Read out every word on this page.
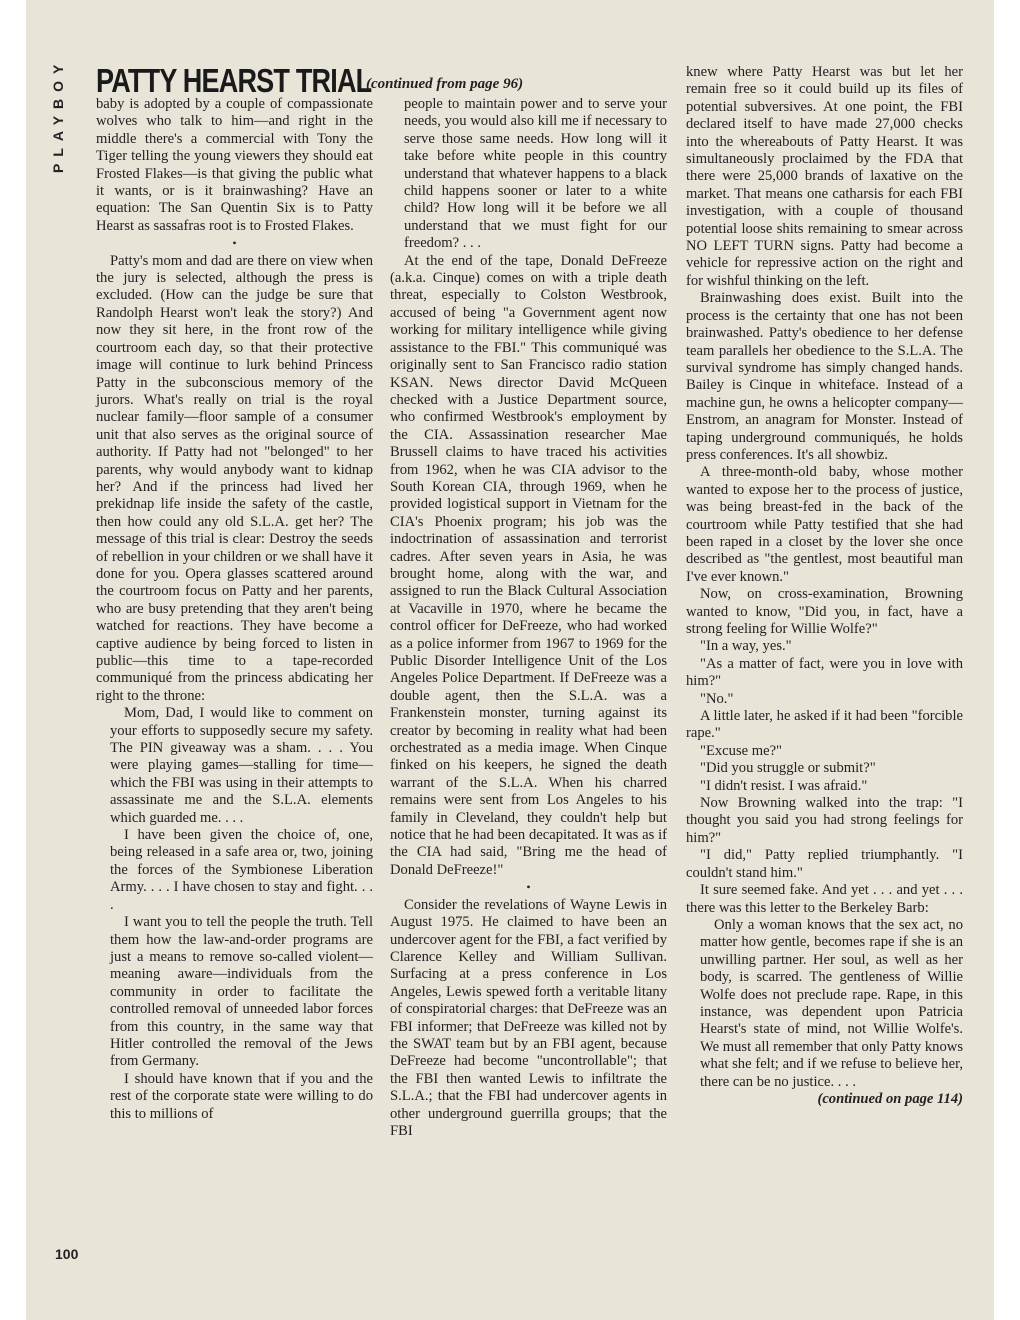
PLAYBOY PATTY HEARST TRIAL
(continued from page 96)

baby is adopted by a couple of compassionate wolves who talk to him—and right in the middle there's a commercial with Tony the Tiger telling the young viewers they should eat Frosted Flakes—is that giving the public what it wants, or is it brainwashing? Have an equation: The San Quentin Six is to Patty Hearst as sassafras root is to Frosted Flakes.

•

Patty's mom and dad are there on view when the jury is selected, although the press is excluded. (How can the judge be sure that Randolph Hearst won't leak the story?) And now they sit here, in the front row of the courtroom each day, so that their protective image will continue to lurk behind Princess Patty in the subconscious memory of the jurors. What's really on trial is the royal nuclear family—floor sample of a consumer unit that also serves as the original source of authority. If Patty had not "belonged" to her parents, why would anybody want to kidnap her? And if the princess had lived her prekidnap life inside the safety of the castle, then how could any old S.L.A. get her? The message of this trial is clear: Destroy the seeds of rebellion in your children or we shall have it done for you. Opera glasses scattered around the courtroom focus on Patty and her parents, who are busy pretending that they aren't being watched for reactions. They have become a captive audience by being forced to listen in public—this time to a tape-recorded communiqué from the princess abdicating her right to the throne:

Mom, Dad, I would like to comment on your efforts to supposedly secure my safety. The PIN giveaway was a sham. . . . You were playing games—stalling for time—which the FBI was using in their attempts to assassinate me and the S.L.A. elements which guarded me. . . .

I have been given the choice of, one, being released in a safe area or, two, joining the forces of the Symbionese Liberation Army. . . . I have chosen to stay and fight. . . .

I want you to tell the people the truth. Tell them how the law-and-order programs are just a means to remove so-called violent—meaning aware—individuals from the community in order to facilitate the controlled removal of unneeded labor forces from this country, in the same way that Hitler controlled the removal of the Jews from Germany.

I should have known that if you and the rest of the corporate state were willing to do this to millions of

people to maintain power and to serve your needs, you would also kill me if necessary to serve those same needs. How long will it take before white people in this country understand that whatever happens to a black child happens sooner or later to a white child? How long will it be before we all understand that we must fight for our freedom? . . .

At the end of the tape, Donald DeFreeze (a.k.a. Cinque) comes on with a triple death threat, especially to Colston Westbrook, accused of being "a Government agent now working for military intelligence while giving assistance to the FBI." This communiqué was originally sent to San Francisco radio station KSAN. News director David McQueen checked with a Justice Department source, who confirmed Westbrook's employment by the CIA. Assassination researcher Mae Brussell claims to have traced his activities from 1962, when he was CIA advisor to the South Korean CIA, through 1969, when he provided logistical support in Vietnam for the CIA's Phoenix program; his job was the indoctrination of assassination and terrorist cadres. After seven years in Asia, he was brought home, along with the war, and assigned to run the Black Cultural Association at Vacaville in 1970, where he became the control officer for DeFreeze, who had worked as a police informer from 1967 to 1969 for the Public Disorder Intelligence Unit of the Los Angeles Police Department. If DeFreeze was a double agent, then the S.L.A. was a Frankenstein monster, turning against its creator by becoming in reality what had been orchestrated as a media image. When Cinque finked on his keepers, he signed the death warrant of the S.L.A. When his charred remains were sent from Los Angeles to his family in Cleveland, they couldn't help but notice that he had been decapitated. It was as if the CIA had said, "Bring me the head of Donald DeFreeze!"

•

Consider the revelations of Wayne Lewis in August 1975. He claimed to have been an undercover agent for the FBI, a fact verified by Clarence Kelley and William Sullivan. Surfacing at a press conference in Los Angeles, Lewis spewed forth a veritable litany of conspiratorial charges: that DeFreeze was an FBI informer; that DeFreeze was killed not by the SWAT team but by an FBI agent, because DeFreeze had become "uncontrollable"; that the FBI then wanted Lewis to infiltrate the S.L.A.; that the FBI had undercover agents in other underground guerrilla groups; that the FBI

knew where Patty Hearst was but let her remain free so it could build up its files of potential subversives. At one point, the FBI declared itself to have made 27,000 checks into the whereabouts of Patty Hearst. It was simultaneously proclaimed by the FDA that there were 25,000 brands of laxative on the market. That means one catharsis for each FBI investigation, with a couple of thousand potential loose shits remaining to smear across NO LEFT TURN signs. Patty had become a vehicle for repressive action on the right and for wishful thinking on the left.

Brainwashing does exist. Built into the process is the certainty that one has not been brainwashed. Patty's obedience to her defense team parallels her obedience to the S.L.A. The survival syndrome has simply changed hands. Bailey is Cinque in whiteface. Instead of a machine gun, he owns a helicopter company—Enstrom, an anagram for Monster. Instead of taping underground communiqués, he holds press conferences. It's all showbiz.

A three-month-old baby, whose mother wanted to expose her to the process of justice, was being breast-fed in the back of the courtroom while Patty testified that she had been raped in a closet by the lover she once described as "the gentlest, most beautiful man I've ever known."

Now, on cross-examination, Browning wanted to know, "Did you, in fact, have a strong feeling for Willie Wolfe?"

"In a way, yes."

"As a matter of fact, were you in love with him?"

"No."

A little later, he asked if it had been "forcible rape."

"Excuse me?"

"Did you struggle or submit?"

"I didn't resist. I was afraid."

Now Browning walked into the trap: "I thought you said you had strong feelings for him?"

"I did," Patty replied triumphantly. "I couldn't stand him."

It sure seemed fake. And yet . . . and yet . . . there was this letter to the Berkeley Barb:

Only a woman knows that the sex act, no matter how gentle, becomes rape if she is an unwilling partner. Her soul, as well as her body, is scarred. The gentleness of Willie Wolfe does not preclude rape. Rape, in this instance, was dependent upon Patricia Hearst's state of mind, not Willie Wolfe's. We must all remember that only Patty knows what she felt; and if we refuse to believe her, there can be no justice. . . .

(continued on page 114)

100
